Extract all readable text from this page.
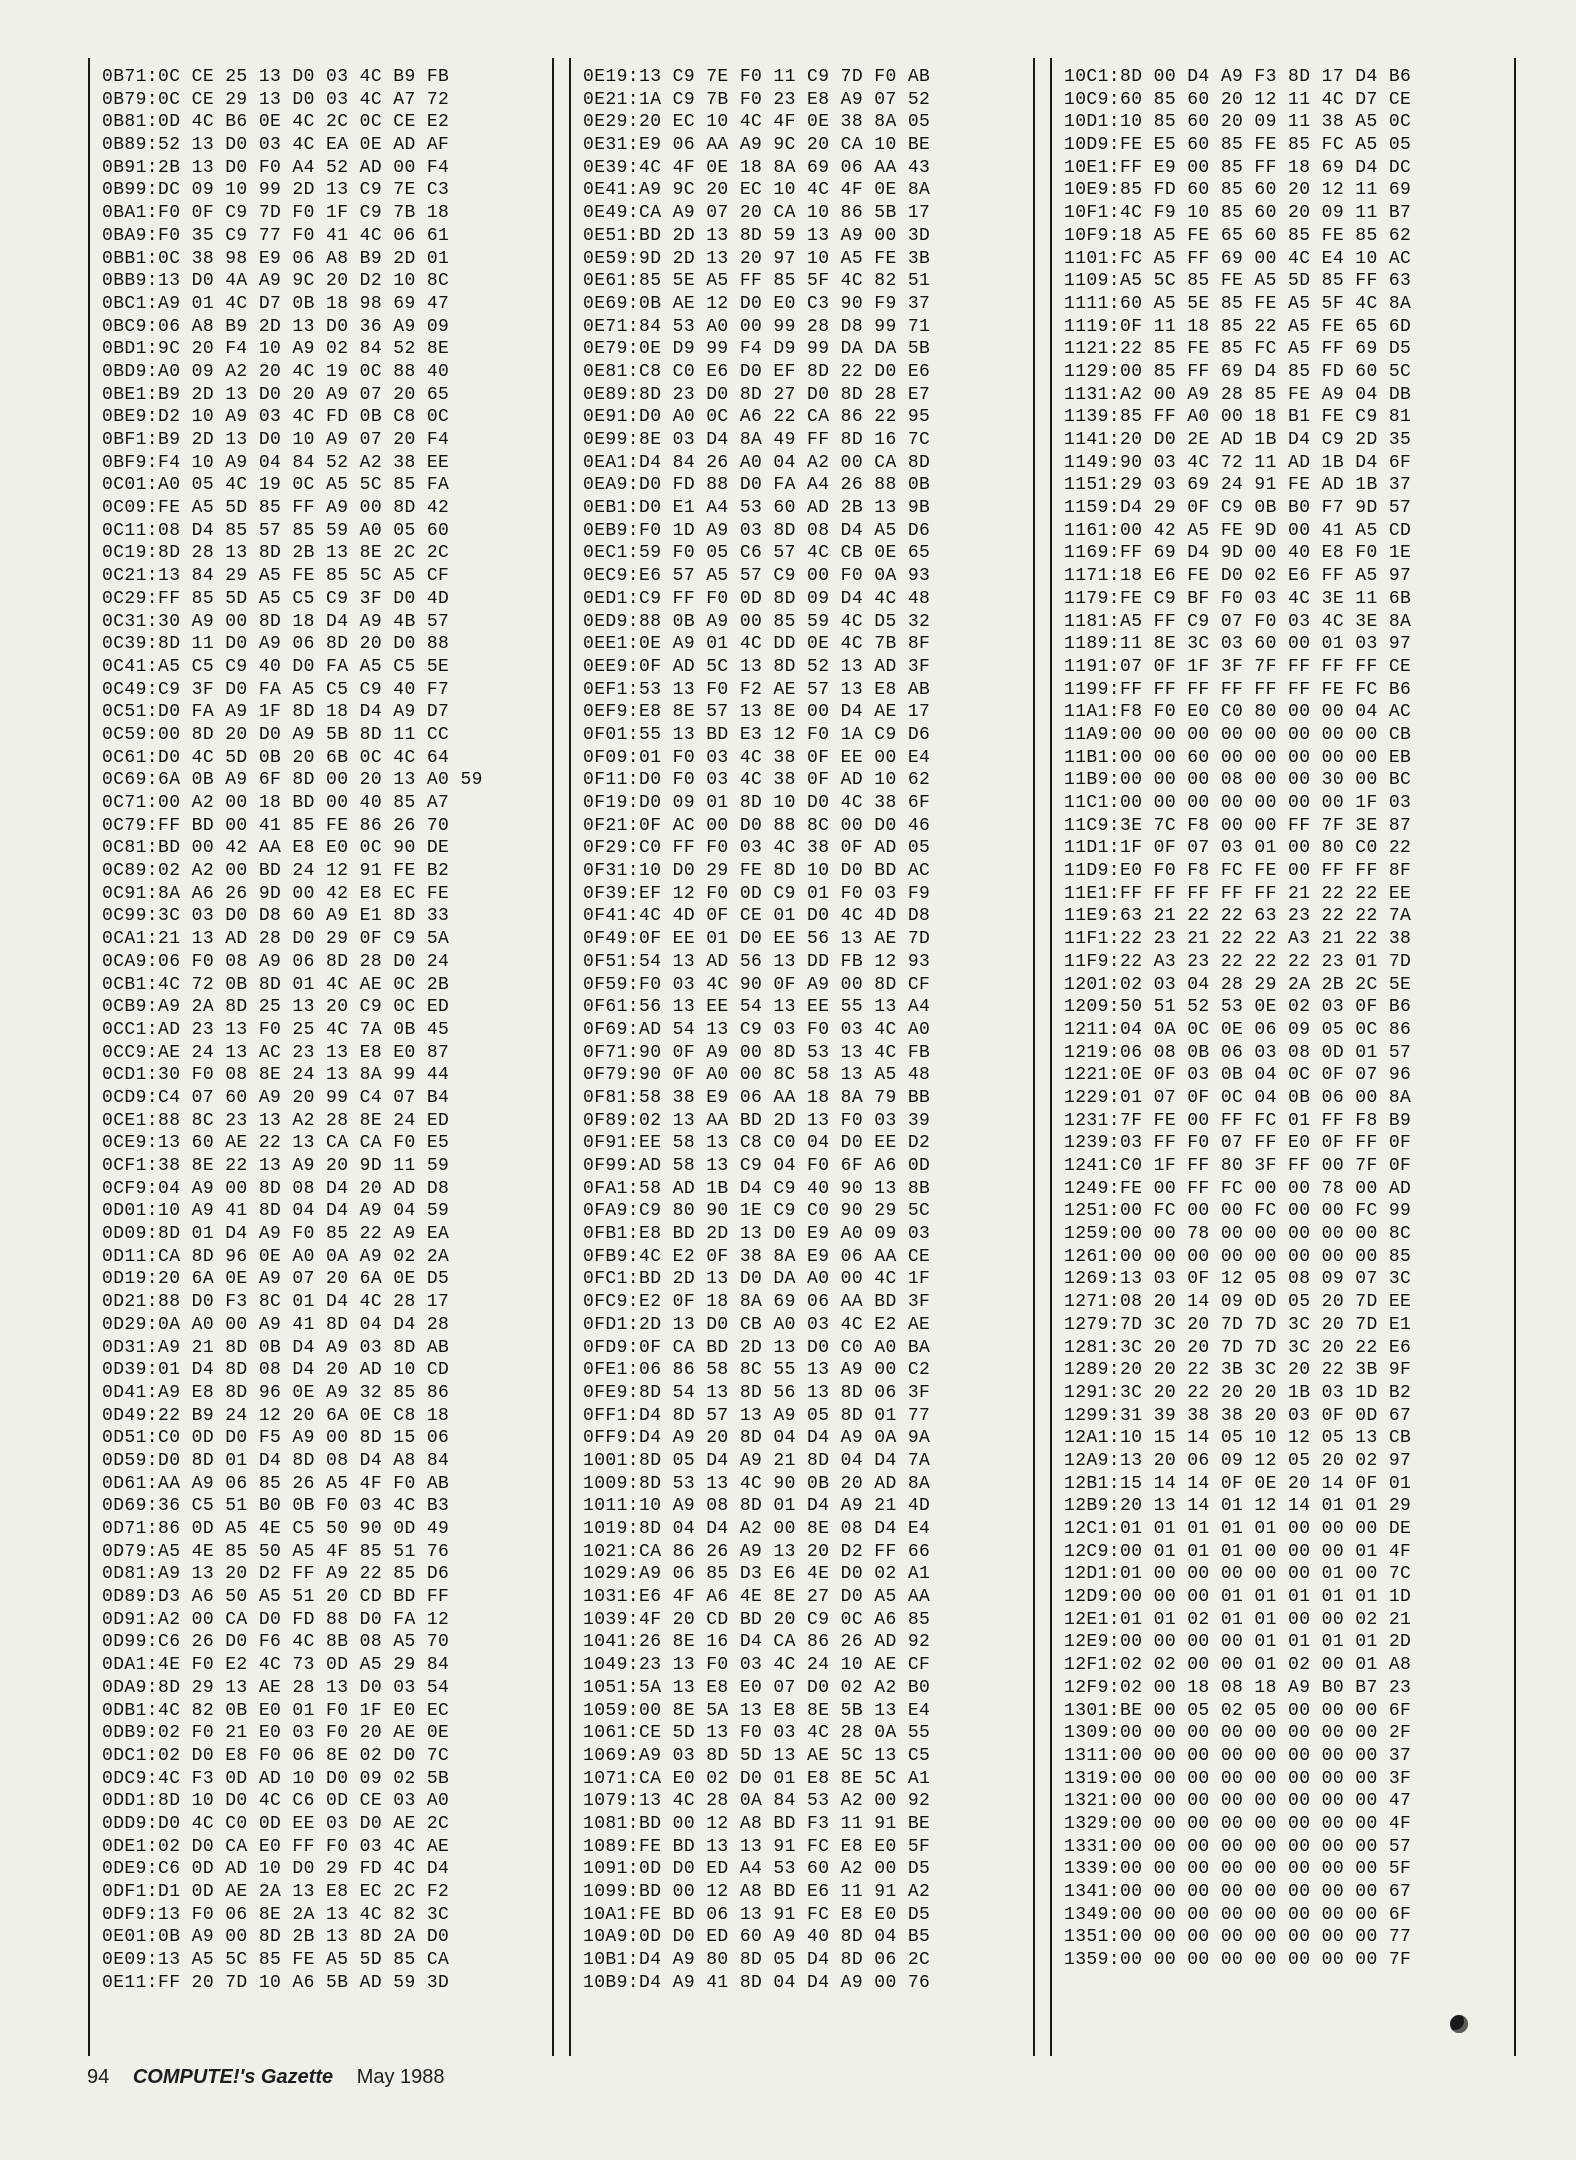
0B71:0C CE 25 13 D0 03 4C B9 FB
0B79:0C CE 29 13 D0 03 4C A7 72
0B81:0D 4C B6 0E 4C 2C 0C CE E2
0B89:52 13 D0 03 4C EA 0E AD AF
0B91:2B 13 D0 F0 A4 52 AD 00 F4
0B99:DC 09 10 99 2D 13 C9 7E C3
0BA1:F0 0F C9 7D F0 1F C9 7B 18
0BA9:F0 35 C9 77 F0 41 4C 06 61
0BB1:0C 38 98 E9 06 A8 B9 2D 01
0BB9:13 D0 4A A9 9C 20 D2 10 8C
0BC1:A9 01 4C D7 0B 18 98 69 47
0BC9:06 A8 B9 2D 13 D0 36 A9 09
0BD1:9C 20 F4 10 A9 02 84 52 8E
0BD9:A0 09 A2 20 4C 19 0C 88 40
0BE1:B9 2D 13 D0 20 A9 07 20 65
0BE9:D2 10 A9 03 4C FD 0B C8 0C
0BF1:B9 2D 13 D0 10 A9 07 20 F4
0BF9:F4 10 A9 04 84 52 A2 38 EE
0C01:A0 05 4C 19 0C A5 5C 85 FA
0C09:FE A5 5D 85 FF A9 00 8D 42
0C11:08 D4 85 57 85 59 A0 05 60
0C19:8D 28 13 8D 2B 13 8E 2C 2C
0C21:13 84 29 A5 FE 85 5C A5 CF
0C29:FF 85 5D A5 C5 C9 3F D0 4D
0C31:30 A9 00 8D 18 D4 A9 4B 57
0C39:8D 11 D0 A9 06 8D 20 D0 88
0C41:A5 C5 C9 40 D0 FA A5 C5 5E
0C49:C9 3F D0 FA A5 C5 C9 40 F7
0C51:D0 FA A9 1F 8D 18 D4 A9 D7
0C59:00 8D 20 D0 A9 5B 8D 11 CC
0C61:D0 4C 5D 0B 20 6B 0C 4C 64
0C69:6A 0B A9 6F 8D 00 20 13 A0 59
0C71:00 A2 00 18 BD 00 40 85 A7
0C79:FF BD 00 41 85 FE 86 26 70
0C81:BD 00 42 AA E8 E0 0C 90 DE
0C89:02 A2 00 BD 24 12 91 FE B2
0C91:8A A6 26 9D 00 42 E8 EC FE
0C99:3C 03 D0 D8 60 A9 E1 8D 33
0CA1:21 13 AD 28 D0 29 0F C9 5A
0CA9:06 F0 08 A9 06 8D 28 D0 24
0CB1:4C 72 0B 8D 01 4C AE 0C 2B
0CB9:A9 2A 8D 25 13 20 C9 0C ED
0CC1:AD 23 13 F0 25 4C 7A 0B 45
0CC9:AE 24 13 AC 23 13 E8 E0 87
0CD1:30 F0 08 8E 24 13 8A 99 44
0CD9:C4 07 60 A9 20 99 C4 07 B4
0CE1:88 8C 23 13 A2 28 8E 24 ED
0CE9:13 60 AE 22 13 CA CA F0 E5
0CF1:38 8E 22 13 A9 20 9D 11 59
0CF9:04 A9 00 8D 08 D4 20 AD D8
0D01:10 A9 41 8D 04 D4 A9 04 59
0D09:8D 01 D4 A9 F0 85 22 A9 EA
0D11:CA 8D 96 0E A0 0A A9 02 2A
0D19:20 6A 0E A9 07 20 6A 0E D5
0D21:88 D0 F3 8C 01 D4 4C 28 17
0D29:0A A0 00 A9 41 8D 04 D4 28
0D31:A9 21 8D 0B D4 A9 03 8D AB
0D39:01 D4 8D 08 D4 20 AD 10 CD
0D41:A9 E8 8D 96 0E A9 32 85 86
0D49:22 B9 24 12 20 6A 0E C8 18
0D51:C0 0D D0 F5 A9 00 8D 15 06
0D59:D0 8D 01 D4 8D 08 D4 A8 84
0D61:AA A9 06 85 26 A5 4F F0 AB
0D69:36 C5 51 B0 0B F0 03 4C B3
0D71:86 0D A5 4E C5 50 90 0D 49
0D79:A5 4E 85 50 A5 4F 85 51 76
0D81:A9 13 20 D2 FF A9 22 85 D6
0D89:D3 A6 50 A5 51 20 CD BD FF
0D91:A2 00 CA D0 FD 88 D0 FA 12
0D99:C6 26 D0 F6 4C 8B 08 A5 70
0DA1:4E F0 E2 4C 73 0D A5 29 84
0DA9:8D 29 13 AE 28 13 D0 03 54
0DB1:4C 82 0B E0 01 F0 1F E0 EC
0DB9:02 F0 21 E0 03 F0 20 AE 0E
0DC1:02 D0 E8 F0 06 8E 02 D0 7C
0DC9:4C F3 0D AD 10 D0 09 02 5B
0DD1:8D 10 D0 4C C6 0D CE 03 A0
0DD9:D0 4C C0 0D EE 03 D0 AE 2C
0DE1:02 D0 CA E0 FF F0 03 4C AE
0DE9:C6 0D AD 10 D0 29 FD 4C D4
0DF1:D1 0D AE 2A 13 E8 EC 2C F2
0DF9:13 F0 06 8E 2A 13 4C 82 3C
0E01:0B A9 00 8D 2B 13 8D 2A D0
0E09:13 A5 5C 85 FE A5 5D 85 CA
0E11:FF 20 7D 10 A6 5B AD 59 3D
0E19:13 C9 7E F0 11 C9 7D F0 AB
0E21:1A C9 7B F0 23 E8 A9 07 52
0E29:20 EC 10 4C 4F 0E 38 8A 05
0E31:E9 06 AA A9 9C 20 CA 10 BE
0E39:4C 4F 0E 18 8A 69 06 AA 43
0E41:A9 9C 20 EC 10 4C 4F 0E 8A
0E49:CA A9 07 20 CA 10 86 5B 17
0E51:BD 2D 13 8D 59 13 A9 00 3D
0E59:9D 2D 13 20 97 10 A5 FE 3B
0E61:85 5E A5 FF 85 5F 4C 82 51
0E69:0B AE 12 D0 E0 C3 90 F9 37
0E71:84 53 A0 00 99 28 D8 99 71
0E79:0E D9 99 F4 D9 99 DA DA 5B
0E81:C8 C0 E6 D0 EF 8D 22 D0 E6
0E89:8D 23 D0 8D 27 D0 8D 28 E7
0E91:D0 A0 0C A6 22 CA 86 22 95
0E99:8E 03 D4 8A 49 FF 8D 16 7C
0EA1:D4 84 26 A0 04 A2 00 CA 8D
0EA9:D0 FD 88 D0 FA A4 26 88 0B
0EB1:D0 E1 A4 53 60 AD 2B 13 9B
0EB9:F0 1D A9 03 8D 08 D4 A5 D6
0EC1:59 F0 05 C6 57 4C CB 0E 65
0EC9:E6 57 A5 57 C9 00 F0 0A 93
0ED1:C9 FF F0 0D 8D 09 D4 4C 48
0ED9:88 0B A9 00 85 59 4C D5 32
0EE1:0E A9 01 4C DD 0E 4C 7B 8F
0EE9:0F AD 5C 13 8D 52 13 AD 3F
0EF1:53 13 F0 F2 AE 57 13 E8 AB
0EF9:E8 8E 57 13 8E 00 D4 AE 17
0F01:55 13 BD E3 12 F0 1A C9 D6
0F09:01 F0 03 4C 38 0F EE 00 E4
0F11:D0 F0 03 4C 38 0F AD 10 62
0F19:D0 09 01 8D 10 D0 4C 38 6F
0F21:0F AC 00 D0 88 8C 00 D0 46
0F29:C0 FF F0 03 4C 38 0F AD 05
0F31:10 D0 29 FE 8D 10 D0 BD AC
0F39:EF 12 F0 0D C9 01 F0 03 F9
0F41:4C 4D 0F CE 01 D0 4C 4D D8
0F49:0F EE 01 D0 EE 56 13 AE 7D
0F51:54 13 AD 56 13 DD FB 12 93
0F59:F0 03 4C 90 0F A9 00 8D CF
0F61:56 13 EE 54 13 EE 55 13 A4
0F69:AD 54 13 C9 03 F0 03 4C A0
0F71:90 0F A9 00 8D 53 13 4C FB
0F79:90 0F A0 00 8C 58 13 A5 48
0F81:58 38 E9 06 AA 18 8A 79 BB
0F89:02 13 AA BD 2D 13 F0 03 39
0F91:EE 58 13 C8 C0 04 D0 EE D2
0F99:AD 58 13 C9 04 F0 6F A6 0D
0FA1:58 AD 1B D4 C9 40 90 13 8B
0FA9:C9 80 90 1E C9 C0 90 29 5C
0FB1:E8 BD 2D 13 D0 E9 A0 09 03
0FB9:4C E2 0F 38 8A E9 06 AA CE
0FC1:BD 2D 13 D0 DA A0 00 4C 1F
0FC9:E2 0F 18 8A 69 06 AA BD 3F
0FD1:2D 13 D0 CB A0 03 4C E2 AE
0FD9:0F CA BD 2D 13 D0 C0 A0 BA
0FE1:06 86 58 8C 55 13 A9 00 C2
0FE9:8D 54 13 8D 56 13 8D 06 3F
0FF1:D4 8D 57 13 A9 05 8D 01 77
0FF9:D4 A9 20 8D 04 D4 A9 0A 9A
1001:8D 05 D4 A9 21 8D 04 D4 7A
1009:8D 53 13 4C 90 0B 20 AD 8A
1011:10 A9 08 8D 01 D4 A9 21 4D
1019:8D 04 D4 A2 00 8E 08 D4 E4
1021:CA 86 26 A9 13 20 D2 FF 66
1029:A9 06 85 D3 E6 4E D0 02 A1
1031:E6 4F A6 4E 8E 27 D0 A5 AA
1039:4F 20 CD BD 20 C9 0C A6 85
1041:26 8E 16 D4 CA 86 26 AD 92
1049:23 13 F0 03 4C 24 10 AE CF
1051:5A 13 E8 E0 07 D0 02 A2 B0
1059:00 8E 5A 13 E8 8E 5B 13 E4
1061:CE 5D 13 F0 03 4C 28 0A 55
1069:A9 03 8D 5D 13 AE 5C 13 C5
1071:CA E0 02 D0 01 E8 8E 5C A1
1079:13 4C 28 0A 84 53 A2 00 92
1081:BD 00 12 A8 BD F3 11 91 BE
1089:FE BD 13 13 91 FC E8 E0 5F
1091:0D D0 ED A4 53 60 A2 00 D5
1099:BD 00 12 A8 BD E6 11 91 A2
10A1:FE BD 06 13 91 FC E8 E0 D5
10A9:0D D0 ED 60 A9 40 8D 04 B5
10B1:D4 A9 80 8D 05 D4 8D 06 2C
10B9:D4 A9 41 8D 04 D4 A9 00 76
10C1:8D 00 D4 A9 F3 8D 17 D4 B6
10C9:60 85 60 20 12 11 4C D7 CE
10D1:10 85 60 20 09 11 38 A5 0C
10D9:FE E5 60 85 FE 85 FC A5 05
10E1:FF E9 00 85 FF 18 69 D4 DC
10E9:85 FD 60 85 60 20 12 11 69
10F1:4C F9 10 85 60 20 09 11 B7
10F9:18 A5 FE 65 60 85 FE 85 62
1101:FC A5 FF 69 00 4C E4 10 AC
1109:A5 5C 85 FE A5 5D 85 FF 63
1111:60 A5 5E 85 FE A5 5F 4C 8A
1119:0F 11 18 85 22 A5 FE 65 6D
1121:22 85 FE 85 FC A5 FF 69 D5
1129:00 85 FF 69 D4 85 FD 60 5C
1131:A2 00 A9 28 85 FE A9 04 DB
1139:85 FF A0 00 18 B1 FE C9 81
1141:20 D0 2E AD 1B D4 C9 2D 35
1149:90 03 4C 72 11 AD 1B D4 6F
1151:29 03 69 24 91 FE AD 1B 37
1159:D4 29 0F C9 0B B0 F7 9D 57
1161:00 42 A5 FE 9D 00 41 A5 CD
1169:FF 69 D4 9D 00 40 E8 F0 1E
1171:18 E6 FE D0 02 E6 FF A5 97
1179:FE C9 BF F0 03 4C 3E 11 6B
1181:A5 FF C9 07 F0 03 4C 3E 8A
1189:11 8E 3C 03 60 00 01 03 97
1191:07 0F 1F 3F 7F FF FF FF CE
1199:FF FF FF FF FF FF FE FC B6
11A1:F8 F0 E0 C0 80 00 00 04 AC
11A9:00 00 00 00 00 00 00 00 CB
11B1:00 00 60 00 00 00 00 00 EB
11B9:00 00 00 08 00 00 30 00 BC
11C1:00 00 00 00 00 00 00 1F 03
11C9:3E 7C F8 00 00 FF 7F 3E 87
11D1:1F 0F 07 03 01 00 80 C0 22
11D9:E0 F0 F8 FC FE 00 FF FF 8F
11E1:FF FF FF FF FF 21 22 22 EE
11E9:63 21 22 22 63 23 22 22 7A
11F1:22 23 21 22 22 A3 21 22 38
11F9:22 A3 23 22 22 22 23 01 7D
1201:02 03 04 28 29 2A 2B 2C 5E
1209:50 51 52 53 0E 02 03 0F B6
1211:04 0A 0C 0E 06 09 05 0C 86
1219:06 08 0B 06 03 08 0D 01 57
1221:0E 0F 03 0B 04 0C 0F 07 96
1229:01 07 0F 0C 04 0B 06 00 8A
1231:7F FE 00 FF FC 01 FF F8 B9
1239:03 FF F0 07 FF E0 0F FF 0F
1241:C0 1F FF 80 3F FF 00 7F 0F
1249:FE 00 FF FC 00 00 78 00 AD
1251:00 FC 00 00 FC 00 00 FC 99
1259:00 00 78 00 00 00 00 00 8C
1261:00 00 00 00 00 00 00 00 85
1269:13 03 0F 12 05 08 09 07 3C
1271:08 20 14 09 0D 05 20 7D EE
1279:7D 3C 20 7D 7D 3C 20 7D E1
1281:3C 20 20 7D 7D 3C 20 22 E6
1289:20 20 22 3B 3C 20 22 3B 9F
1291:3C 20 22 20 20 1B 03 1D B2
1299:31 39 38 38 20 03 0F 0D 67
12A1:10 15 14 05 10 12 05 13 CB
12A9:13 20 06 09 12 05 20 02 97
12B1:15 14 14 0F 0E 20 14 0F 01
12B9:20 13 14 01 12 14 01 01 29
12C1:01 01 01 01 01 00 00 00 DE
12C9:00 01 01 01 00 00 00 01 4F
12D1:01 00 00 00 00 00 01 00 7C
12D9:00 00 00 01 01 01 01 01 1D
12E1:01 01 02 01 01 00 00 02 21
12E9:00 00 00 00 01 01 01 01 2D
12F1:02 02 00 00 01 02 00 01 A8
12F9:02 00 18 08 18 A9 B0 B7 23
1301:BE 00 05 02 05 00 00 00 6F
1309:00 00 00 00 00 00 00 00 2F
1311:00 00 00 00 00 00 00 00 37
1319:00 00 00 00 00 00 00 00 3F
1321:00 00 00 00 00 00 00 00 47
1329:00 00 00 00 00 00 00 00 4F
1331:00 00 00 00 00 00 00 00 57
1339:00 00 00 00 00 00 00 00 5F
1341:00 00 00 00 00 00 00 00 67
1349:00 00 00 00 00 00 00 00 6F
1351:00 00 00 00 00 00 00 00 77
1359:00 00 00 00 00 00 00 00 7F
94 COMPUTE!'s Gazette May 1988
